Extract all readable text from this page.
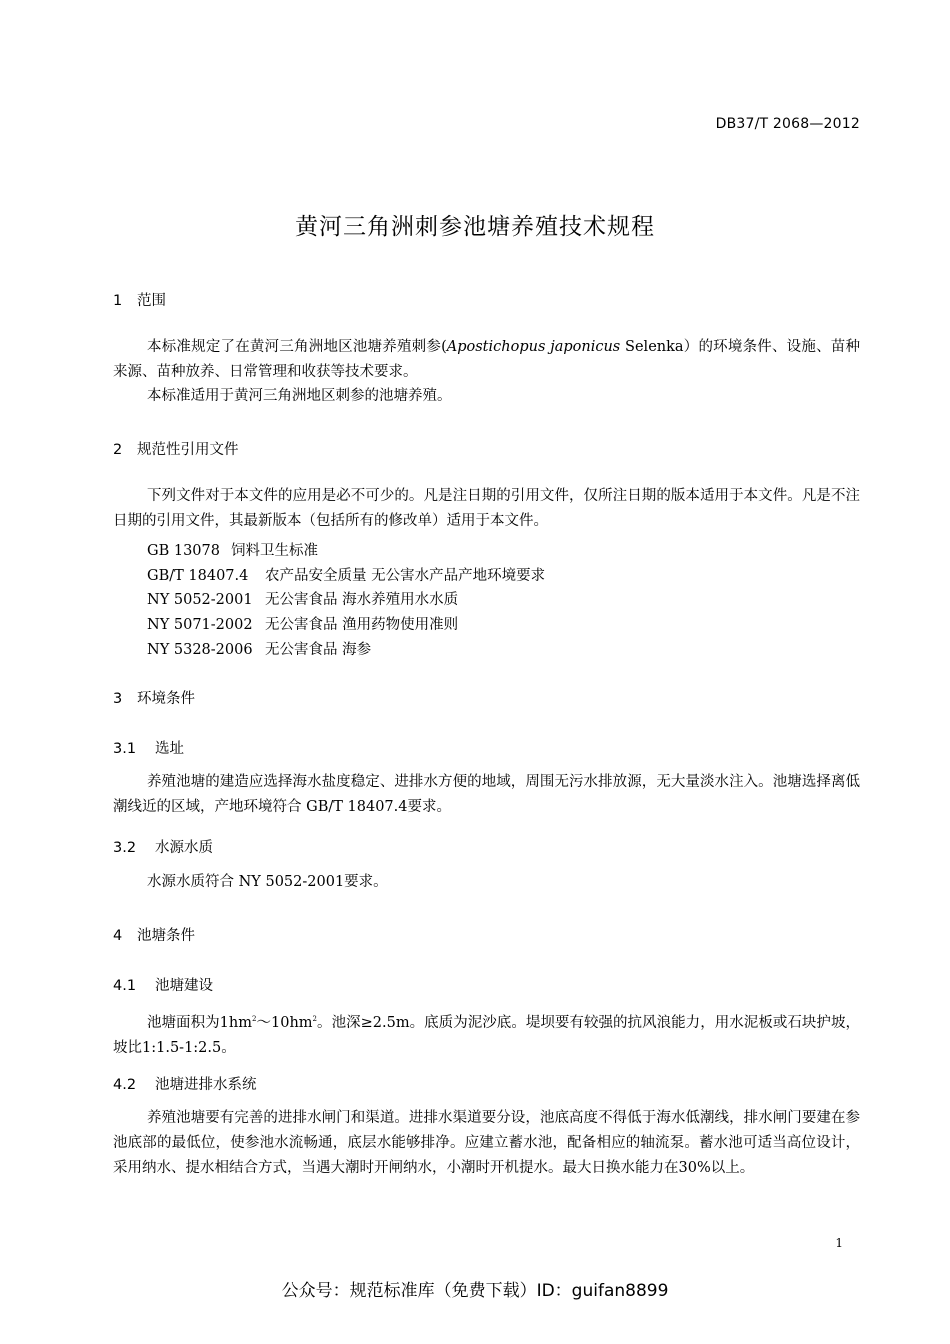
DB37/T 2068—2012
黄河三角洲刺参池塘养殖技术规程
1 范围
本标准规定了在黄河三角洲地区池塘养殖刺参(Apostichopus japonicus Selenka）的环境条件、设施、苗种来源、苗种放养、日常管理和收获等技术要求。
本标准适用于黄河三角洲地区刺参的池塘养殖。
2 规范性引用文件
下列文件对于本文件的应用是必不可少的。凡是注日期的引用文件，仅所注日期的版本适用于本文件。凡是不注日期的引用文件，其最新版本（包括所有的修改单）适用于本文件。
GB 13078 饲料卫生标准
GB/T 18407.4 农产品安全质量 无公害水产品产地环境要求
NY 5052-2001 无公害食品 海水养殖用水水质
NY 5071-2002 无公害食品 渔用药物使用准则
NY 5328-2006 无公害食品 海参
3 环境条件
3.1 选址
养殖池塘的建造应选择海水盐度稳定、进排水方便的地域，周围无污水排放源，无大量淡水注入。池塘选择离低潮线近的区域，产地环境符合 GB/T 18407.4要求。
3.2 水源水质
水源水质符合 NY 5052-2001要求。
4 池塘条件
4.1 池塘建设
池塘面积为$1hm^2\sim 10hm^2$。池深≥2.5m。底质为泥沙底。堤坝要有较强的抗风浪能力，用水泥板或石块护坡，坡比1:1.5-1:2.5。
4.2 池塘进排水系统
养殖池塘要有完善的进排水闸门和渠道。进排水渠道要分设，池底高度不得低于海水低潮线，排水闸门要建在参池底部的最低位，使参池水流畅通，底层水能够排净。应建立蓄水池，配备相应的轴流泵。蓄水池可适当高位设计，采用纳水、提水相结合方式，当遇大潮时开闸纳水，小潮时开机提水。最大日换水能力在30%以上。
1
公众号：规范标准库（免费下载）ID：guifan8899
